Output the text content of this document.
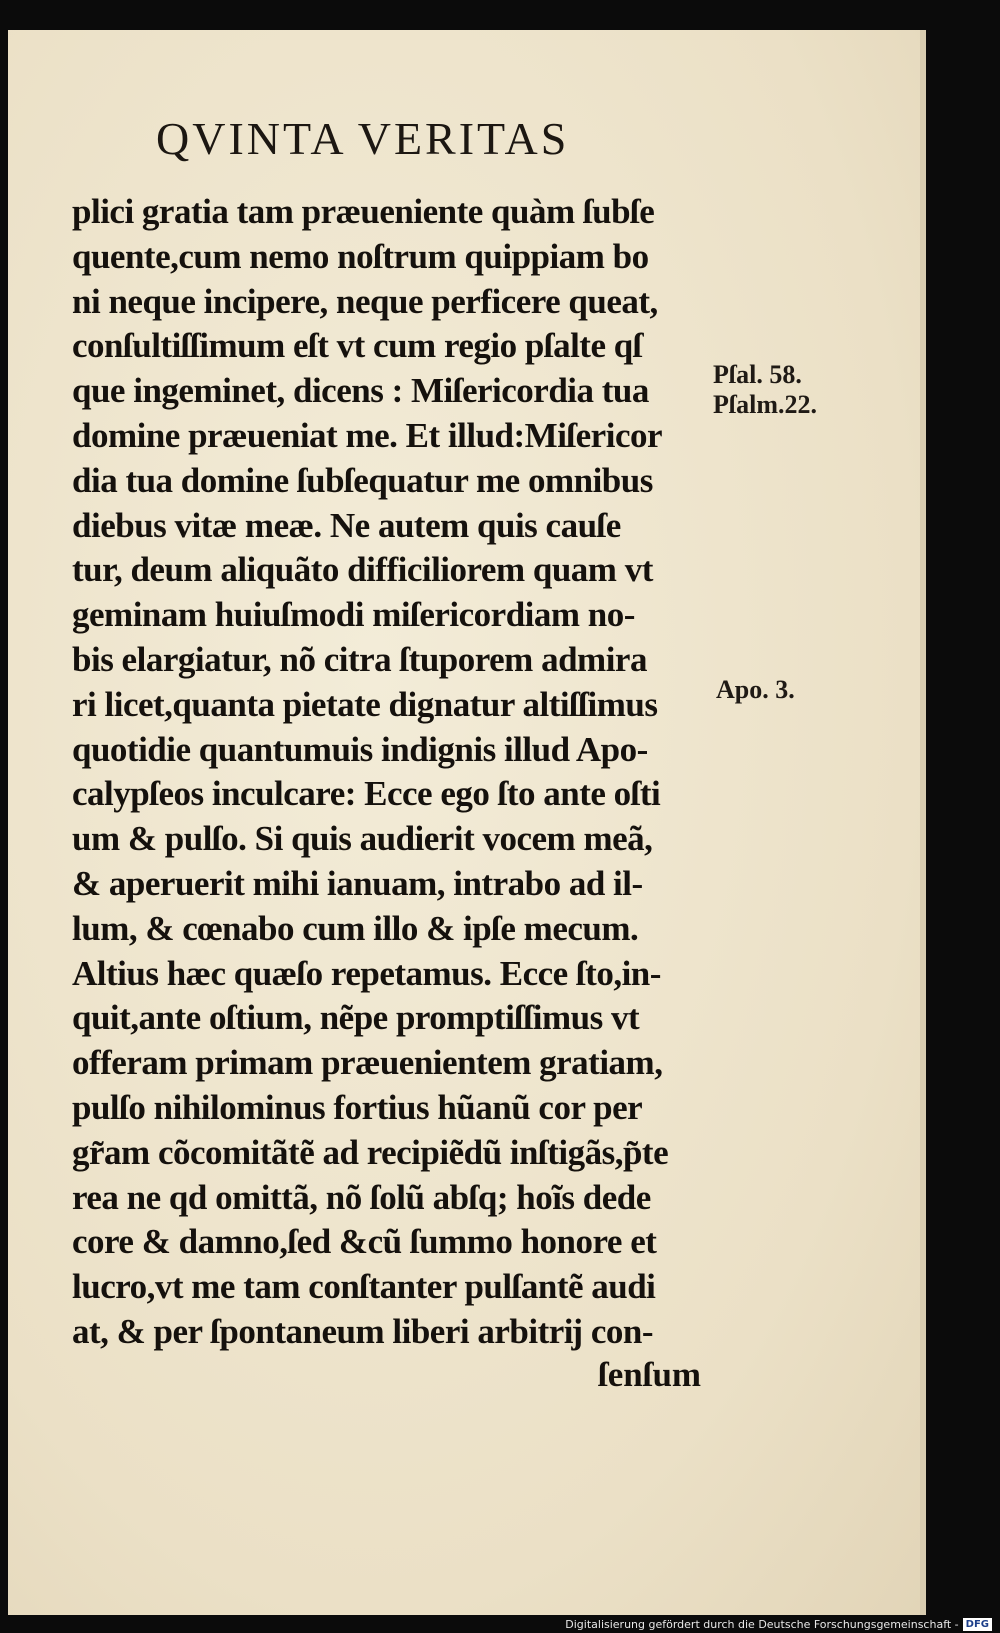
QVINTA VERITAS
plici gratia tam præueniente quàm ſubſe
quente,cum nemo noſtrum quippiam bo
ni neque incipere, neque perficere queat,
conſultiſſimum eſt vt cum regio pſalte qſ
que ingeminet, dicens : Miſericordia tua
domine præueniat me. Et illud:Miſericor
dia tua domine ſubſequatur me omnibus
diebus vitæ meæ. Ne autem quis cauſe
tur, deum aliquãto difficiliorem quam vt
geminam huiuſmodi miſericordiam no-
bis elargiatur, nõ citra ſtuporem admira
ri licet,quanta pietate dignatur altiſſimus
quotidie quantumuis indignis illud Apo-
calypſeos inculcare: Ecce ego ſto ante oſti
um & pulſo. Si quis audierit vocem meã,
& aperuerit mihi ianuam, intrabo ad il-
lum, & cœnabo cum illo & ipſe mecum.
Altius hæc quæſo repetamus. Ecce ſto,in-
quit,ante oſtium, nẽpe promptiſſimus vt
offeram primam præuenientem gratiam,
pulſo nihilominus fortius hũanũ cor per
gr̃am cõcomitãtẽ ad recipiẽdũ inſtigãs,p̃te
rea ne qd omittã, nõ ſolũ abſq; hoĩs dede
core & damno,ſed &cũ ſummo honore et
lucro,vt me tam conſtanter pulſantẽ audi
at, & per ſpontaneum liberi arbitrĳ con-
ſenſum
Pſal. 58.
Pſalm.22.
Apo. 3.
Digitalisierung gefördert durch die Deutsche Forschungsgemeinschaft - DFG
